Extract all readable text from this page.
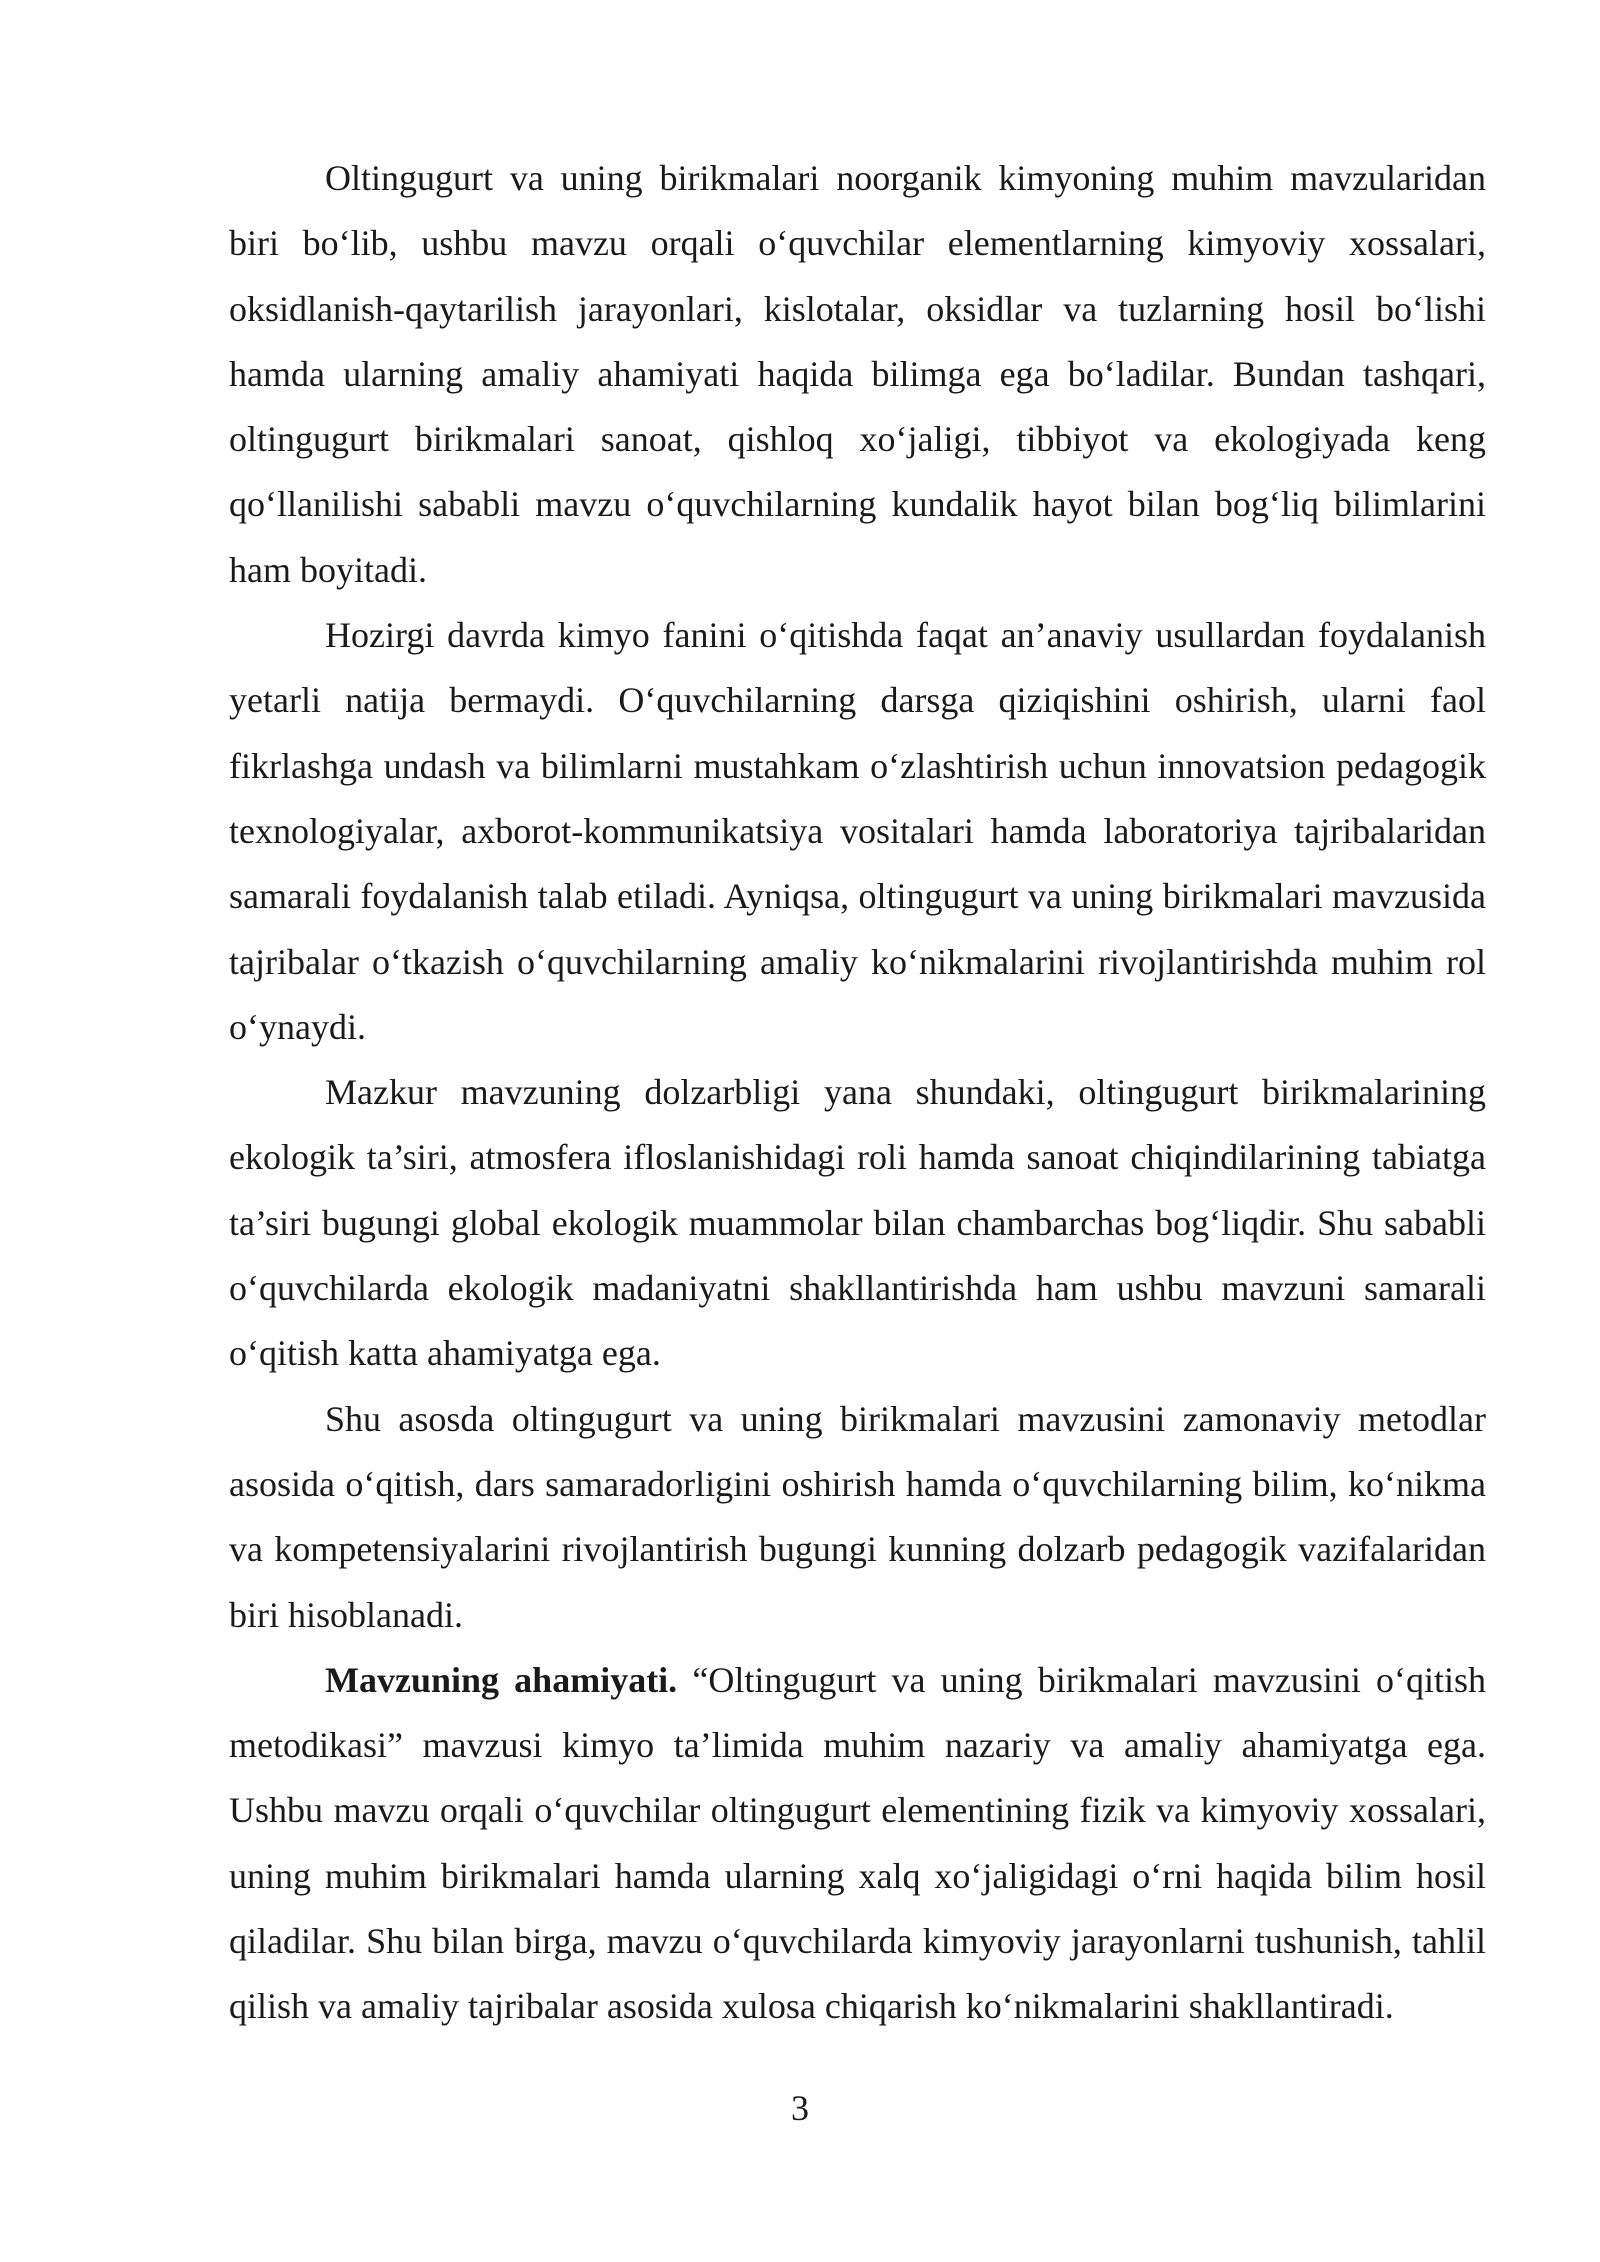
Oltingugurt va uning birikmalari noorganik kimyoning muhim mavzularidan biri bo‘lib, ushbu mavzu orqali o‘quvchilar elementlarning kimyoviy xossalari, oksidlanish-qaytarilish jarayonlari, kislotalar, oksidlar va tuzlarning hosil bo‘lishi hamda ularning amaliy ahamiyati haqida bilimga ega bo‘ladilar. Bundan tashqari, oltingugurt birikmalari sanoat, qishloq xo‘jaligi, tibbiyot va ekologiyada keng qo‘llanilishi sababli mavzu o‘quvchilarning kundalik hayot bilan bog‘liq bilimlarini ham boyitadi.

Hozirgi davrda kimyo fanini o‘qitishda faqat an’anaviy usullardan foydalanish yetarli natija bermaydi. O‘quvchilarning darsga qiziqishini oshirish, ularni faol fikrlashga undash va bilimlarni mustahkam o‘zlashtirish uchun innovatsion pedagogik texnologiyalar, axborot-kommunikatsiya vositalari hamda laboratoriya tajribalaridan samarali foydalanish talab etiladi. Ayniqsa, oltingugurt va uning birikmalari mavzusida tajribalar o‘tkazish o‘quvchilarning amaliy ko‘nikmalarini rivojlantirishda muhim rol o‘ynaydi.

Mazkur mavzuning dolzarbligi yana shundaki, oltingugurt birikmalarining ekologik ta’siri, atmosfera ifloslanishidagi roli hamda sanoat chiqindilarining tabiatga ta’siri bugungi global ekologik muammolar bilan chambarchas bog‘liqdir. Shu sababli o‘quvchilarda ekologik madaniyatni shakllantirishda ham ushbu mavzuni samarali o‘qitish katta ahamiyatga ega.

Shu asosda oltingugurt va uning birikmalari mavzusini zamonaviy metodlar asosida o‘qitish, dars samaradorligini oshirish hamda o‘quvchilarning bilim, ko‘nikma va kompetensiyalarini rivojlantirish bugungi kunning dolzarb pedagogik vazifalaridan biri hisoblanadi.

Mavzuning ahamiyati. “Oltingugurt va uning birikmalari mavzusini o‘qitish metodikasi” mavzusi kimyo ta’limida muhim nazariy va amaliy ahamiyatga ega. Ushbu mavzu orqali o‘quvchilar oltingugurt elementining fizik va kimyoviy xossalari, uning muhim birikmalari hamda ularning xalq xo‘jaligidagi o‘rni haqida bilim hosil qiladilar. Shu bilan birga, mavzu o‘quvchilarda kimyoviy jarayonlarni tushunish, tahlil qilish va amaliy tajribalar asosida xulosa chiqarish ko‘nikmalarini shakllantiradi.

3
